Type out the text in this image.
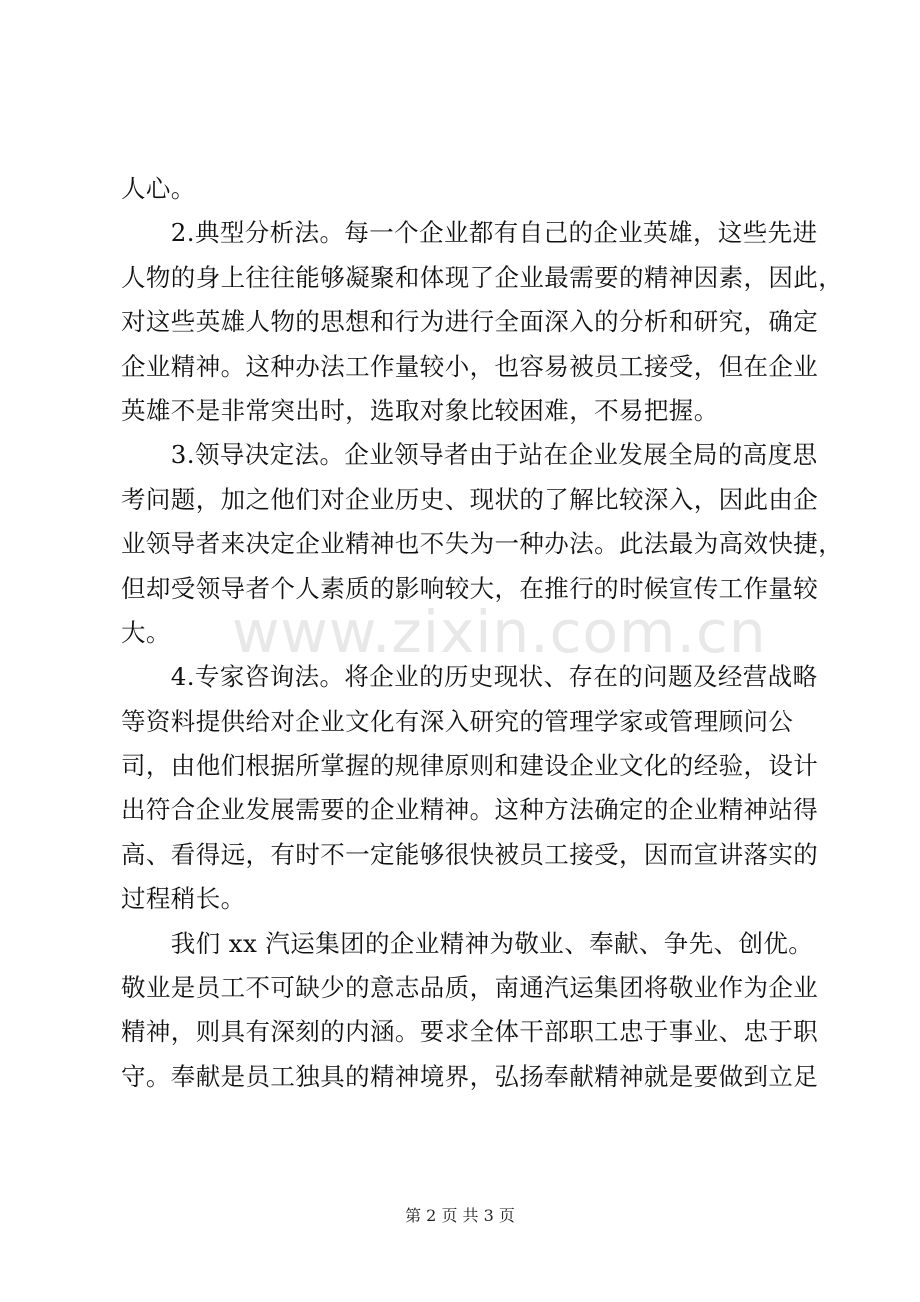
www.zixin.com.cn
人心。
　　2.典型分析法。每一个企业都有自己的企业英雄，这些先进
人物的身上往往能够凝聚和体现了企业最需要的精神因素，因此，
对这些英雄人物的思想和行为进行全面深入的分析和研究，确定
企业精神。这种办法工作量较小，也容易被员工接受，但在企业
英雄不是非常突出时，选取对象比较困难，不易把握。
　　3.领导决定法。企业领导者由于站在企业发展全局的高度思
考问题，加之他们对企业历史、现状的了解比较深入，因此由企
业领导者来决定企业精神也不失为一种办法。此法最为高效快捷，
但却受领导者个人素质的影响较大，在推行的时候宣传工作量较
大。
　　4.专家咨询法。将企业的历史现状、存在的问题及经营战略
等资料提供给对企业文化有深入研究的管理学家或管理顾问公
司，由他们根据所掌握的规律原则和建设企业文化的经验，设计
出符合企业发展需要的企业精神。这种方法确定的企业精神站得
高、看得远，有时不一定能够很快被员工接受，因而宣讲落实的
过程稍长。
　　我们 xx 汽运集团的企业精神为敬业、奉献、争先、创优。
敬业是员工不可缺少的意志品质，南通汽运集团将敬业作为企业
精神，则具有深刻的内涵。要求全体干部职工忠于事业、忠于职
守。奉献是员工独具的精神境界，弘扬奉献精神就是要做到立足
第 2 页 共 3 页
